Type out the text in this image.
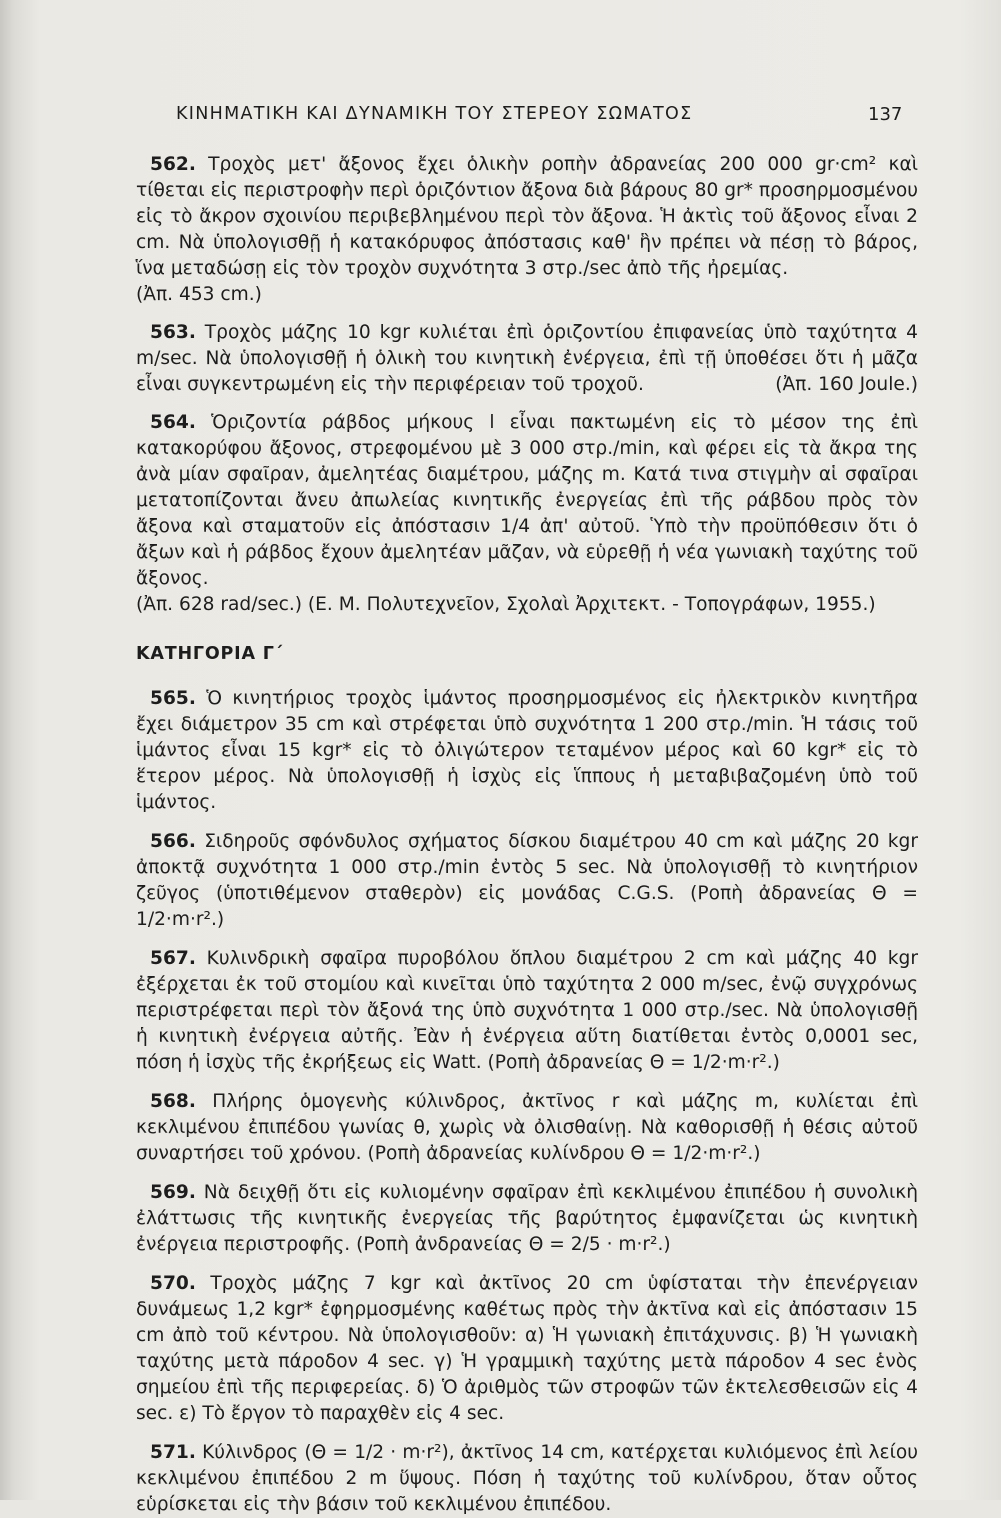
ΚΙΝΗΜΑΤΙΚΗ ΚΑΙ ΔΥΝΑΜΙΚΗ ΤΟΥ ΣΤΕΡΕΟΥ ΣΩΜΑΤΟΣ	137
562. Τροχὸς μετ' ἄξονος ἔχει ὁλικὴν ροπὴν ἀδρανείας 200 000 gr·cm² καὶ τίθεται εἰς περιστροφὴν περὶ ὁριζόντιον ἄξονα διὰ βάρους 80 gr* προσηρμοσμένου εἰς τὸ ἄκρον σχοινίου περιβεβλημένου περὶ τὸν ἄξονα. Ἡ ἀκτὶς τοῦ ἄξονος εἶναι 2 cm. Νὰ ὑπολογισθῇ ἡ κατακόρυφος ἀπόστασις καθ' ἣν πρέπει νὰ πέσῃ τὸ βάρος, ἵνα μεταδώσῃ εἰς τὸν τροχὸν συχνότητα 3 στρ./sec ἀπὸ τῆς ἠρεμίας.
(Ἀπ. 453 cm.)
563. Τροχὸς μάζης 10 kgr κυλιέται ἐπὶ ὁριζοντίου ἐπιφανείας ὑπὸ ταχύτητα 4 m/sec. Νὰ ὑπολογισθῇ ἡ ὁλικὴ του κινητικὴ ἐνέργεια, ἐπὶ τῇ ὑποθέσει ὅτι ἡ μᾶζα εἶναι συγκεντρωμένη εἰς τὴν περιφέρειαν τοῦ τροχοῦ.	(Ἀπ. 160 Joule.)
564. Ὁριζοντία ράβδος μήκους l εἶναι πακτωμένη εἰς τὸ μέσον της ἐπὶ κατακορύφου ἄξονος, στρεφομένου μὲ 3 000 στρ./min, καὶ φέρει εἰς τὰ ἄκρα της ἀνὰ μίαν σφαῖραν, ἀμελητέας διαμέτρου, μάζης m. Κατά τινα στιγμὴν αἱ σφαῖραι μετατοπίζονται ἄνευ ἀπωλείας κινητικῆς ἐνεργείας ἐπὶ τῆς ράβδου πρὸς τὸν ἄξονα καὶ σταματοῦν εἰς ἀπόστασιν 1/4 ἀπ' αὐτοῦ. Ὑπὸ τὴν προϋπόθεσιν ὅτι ὁ ἄξων καὶ ἡ ράβδος ἔχουν ἀμελητέαν μᾶζαν, νὰ εὑρεθῇ ἡ νέα γωνιακὴ ταχύτης τοῦ ἄξονος.
(Ἀπ. 628 rad/sec.) (Ε. Μ. Πολυτεχνεῖον, Σχολαὶ Ἀρχιτεκτ. - Τοπογράφων, 1955.)
ΚΑΤΗΓΟΡΙΑ Γ΄
565. Ὁ κινητήριος τροχὸς ἱμάντος προσηρμοσμένος εἰς ἠλεκτρικὸν κινητῆρα ἔχει διάμετρον 35 cm καὶ στρέφεται ὑπὸ συχνότητα 1 200 στρ./min. Ἡ τάσις τοῦ ἱμάντος εἶναι 15 kgr* εἰς τὸ ὀλιγώτερον τεταμένον μέρος καὶ 60 kgr* εἰς τὸ ἕτερον μέρος. Νὰ ὑπολογισθῇ ἡ ἰσχὺς εἰς ἵππους ἡ μεταβιβαζομένη ὑπὸ τοῦ ἱμάντος.
566. Σιδηροῦς σφόνδυλος σχήματος δίσκου διαμέτρου 40 cm καὶ μάζης 20 kgr ἀποκτᾷ συχνότητα 1 000 στρ./min ἐντὸς 5 sec. Νὰ ὑπολογισθῇ τὸ κινητήριον ζεῦγος (ὑποτιθέμενον σταθερὸν) εἰς μονάδας C.G.S. (Ροπὴ ἀδρανείας Θ = 1/2·m·r².)
567. Κυλινδρικὴ σφαῖρα πυροβόλου ὅπλου διαμέτρου 2 cm καὶ μάζης 40 kgr ἐξέρχεται ἐκ τοῦ στομίου καὶ κινεῖται ὑπὸ ταχύτητα 2 000 m/sec, ἐνῷ συγχρόνως περιστρέφεται περὶ τὸν ἄξονά της ὑπὸ συχνότητα 1 000 στρ./sec. Νὰ ὑπολογισθῇ ἡ κινητικὴ ἐνέργεια αὐτῆς. Ἐὰν ἡ ἐνέργεια αὕτη διατίθεται ἐντὸς 0,0001 sec, πόση ἡ ἰσχὺς τῆς ἐκρήξεως εἰς Watt. (Ροπὴ ἀδρανείας Θ = 1/2·m·r².)
568. Πλήρης ὁμογενὴς κύλινδρος, ἀκτῖνος r καὶ μάζης m, κυλίεται ἐπὶ κεκλιμένου ἐπιπέδου γωνίας θ, χωρὶς νὰ ὀλισθαίνῃ. Νὰ καθορισθῇ ἡ θέσις αὐτοῦ συναρτήσει τοῦ χρόνου. (Ροπὴ ἀδρανείας κυλίνδρου Θ = 1/2·m·r².)
569. Νὰ δειχθῇ ὅτι εἰς κυλιομένην σφαῖραν ἐπὶ κεκλιμένου ἐπιπέδου ἡ συνολικὴ ἐλάττωσις τῆς κινητικῆς ἐνεργείας τῆς βαρύτητος ἐμφανίζεται ὡς κινητικὴ ἐνέργεια περιστροφῆς. (Ροπὴ ἀνδρανείας Θ = 2/5 · m·r².)
570. Τροχὸς μάζης 7 kgr καὶ ἀκτῖνος 20 cm ὑφίσταται τὴν ἐπενέργειαν δυνάμεως 1,2 kgr* ἐφηρμοσμένης καθέτως πρὸς τὴν ἀκτῖνα καὶ εἰς ἀπόστασιν 15 cm ἀπὸ τοῦ κέντρου. Νὰ ὑπολογισθοῦν: α) Ἡ γωνιακὴ ἐπιτάχυνσις. β) Ἡ γωνιακὴ ταχύτης μετὰ πάροδον 4 sec. γ) Ἡ γραμμικὴ ταχύτης μετὰ πάροδον 4 sec ἑνὸς σημείου ἐπὶ τῆς περιφερείας. δ) Ὁ ἀριθμὸς τῶν στροφῶν τῶν ἐκτελεσθεισῶν εἰς 4 sec. ε) Τὸ ἔργον τὸ παραχθὲν εἰς 4 sec.
571. Κύλινδρος (Θ = 1/2 · m·r²), ἀκτῖνος 14 cm, κατέρχεται κυλιόμενος ἐπὶ λείου κεκλιμένου ἐπιπέδου 2 m ὕψους. Πόση ἡ ταχύτης τοῦ κυλίνδρου, ὅταν οὗτος εὑρίσκεται εἰς τὴν βάσιν τοῦ κεκλιμένου ἐπιπέδου.
